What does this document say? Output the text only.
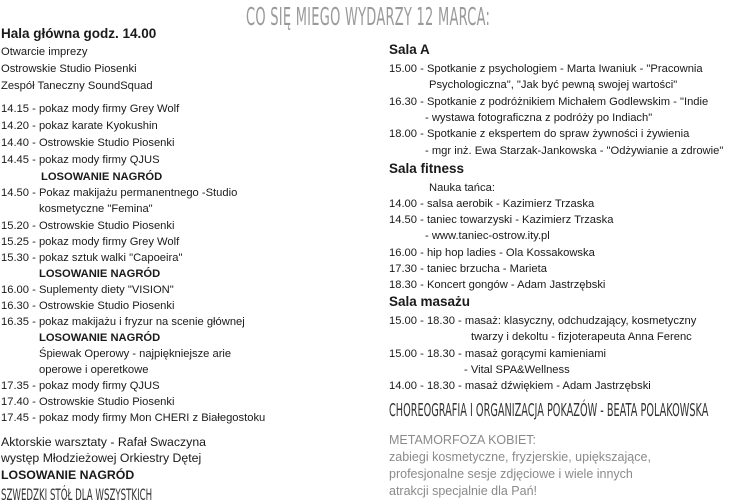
CO SIĘ MIEGO WYDARZY 12 MARCA:
Hala główna godz. 14.00
Otwarcie imprezy
Ostrowskie Studio Piosenki
Zespół Taneczny SoundSquad
14.15 - pokaz mody firmy Grey Wolf
14.20 - pokaz karate Kyokushin
14.40 - Ostrowskie Studio Piosenki
14.45 - pokaz mody firmy QJUS
LOSOWANIE NAGRÓD
14.50 - Pokaz makijażu permanentnego -Studio
kosmetyczne "Femina"
15.20 - Ostrowskie Studio Piosenki
15.25 - pokaz mody firmy Grey Wolf
15.30 - pokaz sztuk walki "Capoeira"
LOSOWANIE NAGRÓD
16.00 - Suplementy diety "VISION"
16.30 - Ostrowskie Studio Piosenki
16.35 - pokaz makijażu i fryzur na scenie głównej
LOSOWANIE NAGRÓD
Śpiewak Operowy - najpiękniejsze arie
operowe i operetkowe
17.35 - pokaz mody firmy QJUS
17.40 - Ostrowskie Studio Piosenki
17.45 - pokaz mody firmy Mon CHERI z Białegostoku
Aktorskie warsztaty - Rafał Swaczyna
występ Młodzieżowej Orkiestry Dętej
LOSOWANIE NAGRÓD
SZWEDZKI STÓŁ DLA WSZYSTKICH
Sala A
15.00 - Spotkanie z psychologiem - Marta Iwaniuk - "Pracownia
Psychologiczna", "Jak być pewną swojej wartości"
16.30 - Spotkanie z podróżnikiem Michałem Godlewskim - "Indie
- wystawa fotograficzna z podróży po Indiach"
18.00 - Spotkanie z ekspertem do spraw żywności i żywienia
- mgr inż. Ewa Starzak-Jankowska - "Odżywianie a zdrowie"
Sala fitness
Nauka tańca:
14.00 - salsa aerobik - Kazimierz Trzaska
14.50 - taniec towarzyski - Kazimierz Trzaska
- www.taniec-ostrow.ity.pl
16.00 - hip hop ladies - Ola Kossakowska
17.30 - taniec brzucha - Marieta
18.30 - Koncert gongów - Adam Jastrzębski
Sala masażu
15.00 - 18.30 - masaż: klasyczny, odchudzający, kosmetyczny
twarzy i dekoltu - fizjoterapeuta Anna Ferenc
15.00 - 18.30 - masaż gorącymi kamieniami
- Vital SPA&Wellness
14.00 - 18.30 - masaż dźwiękiem - Adam Jastrzębski
CHOREOGRAFIA I ORGANIZACJA POKAZÓW - BEATA POLAKOWSKA
METAMORFOZA KOBIET:
zabiegi kosmetyczne, fryzjerskie, upiększające,
profesjonalne sesje zdjęciowe i wiele innych
atrakcji specjalnie dla Pań!
